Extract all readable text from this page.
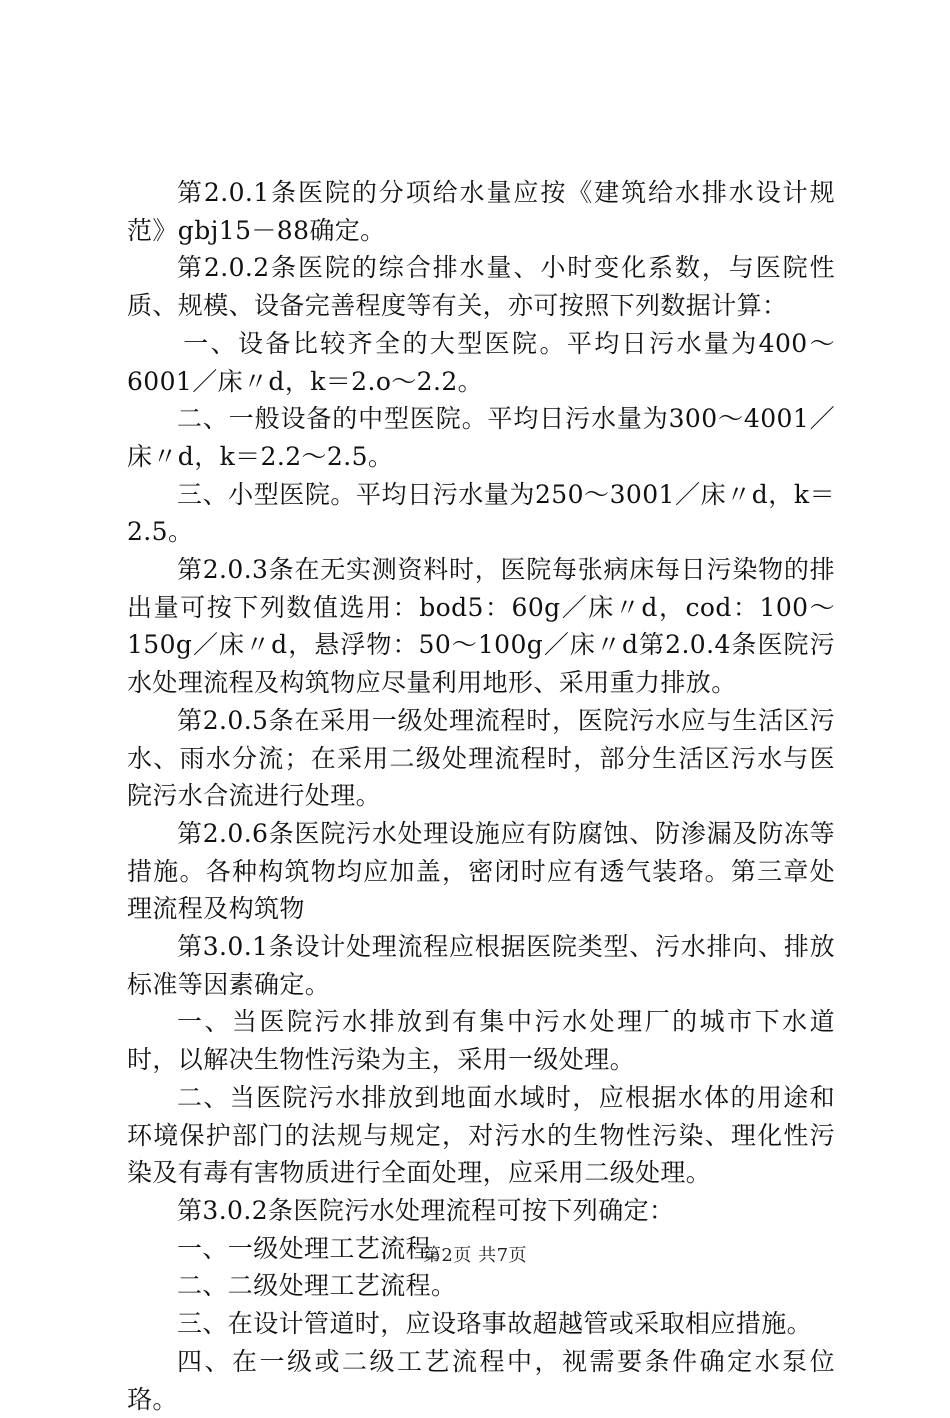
第2.0.1条医院的分项给水量应按《建筑给水排水设计规范》gbj15－88确定。

第2.0.2条医院的综合排水量、小时变化系数，与医院性质、规模、设备完善程度等有关，亦可按照下列数据计算：

一、设备比较齐全的大型医院。平均日污水量为400～6001／床〃d，k＝2.o～2.2。

二、一般设备的中型医院。平均日污水量为300～4001／床〃d，k＝2.2～2.5。

三、小型医院。平均日污水量为250～3001／床〃d，k＝2.5。

第2.0.3条在无实测资料时，医院每张病床每日污染物的排出量可按下列数值选用：bod5：60g／床〃d，cod：100～150g／床〃d，悬浮物：50～100g／床〃d第2.0.4条医院污水处理流程及构筑物应尽量利用地形、采用重力排放。

第2.0.5条在采用一级处理流程时，医院污水应与生活区污水、雨水分流；在采用二级处理流程时，部分生活区污水与医院污水合流进行处理。

第2.0.6条医院污水处理设施应有防腐蚀、防渗漏及防冻等措施。各种构筑物均应加盖，密闭时应有透气装珞。第三章处理流程及构筑物

第3.0.1条设计处理流程应根据医院类型、污水排向、排放标准等因素确定。

一、当医院污水排放到有集中污水处理厂的城市下水道时，以解决生物性污染为主，采用一级处理。

二、当医院污水排放到地面水域时，应根据水体的用途和环境保护部门的法规与规定，对污水的生物性污染、理化性污染及有毒有害物质进行全面处理，应采用二级处理。

第3.0.2条医院污水处理流程可按下列确定：

一、一级处理工艺流程。

二、二级处理工艺流程。

三、在设计管道时，应设珞事故超越管或采取相应措施。

四、在一级或二级工艺流程中，视需要条件确定水泵位珞。

第2页 共7页
